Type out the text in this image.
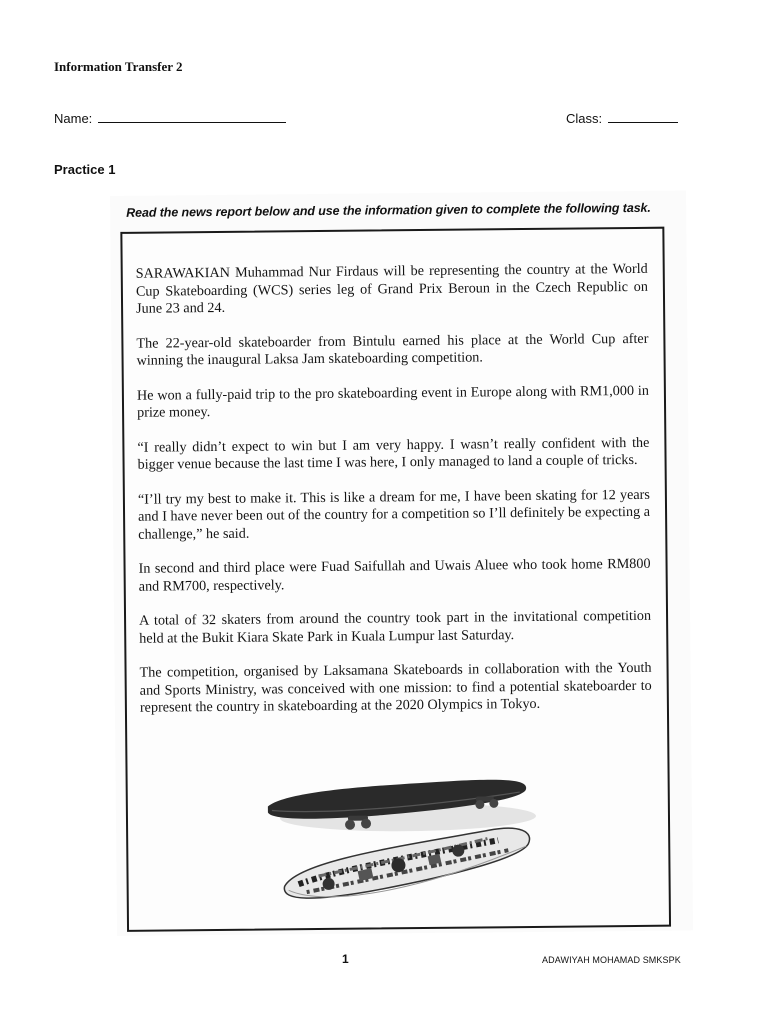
Information Transfer 2
Name:	Class:
Practice 1
Read the news report below and use the information given to complete the following task.

SARAWAKIAN Muhammad Nur Firdaus will be representing the country at the World Cup Skateboarding (WCS) series leg of Grand Prix Beroun in the Czech Republic on June 23 and 24.

The 22-year-old skateboarder from Bintulu earned his place at the World Cup after winning the inaugural Laksa Jam skateboarding competition.

He won a fully-paid trip to the pro skateboarding event in Europe along with RM1,000 in prize money.

“I really didn’t expect to win but I am very happy. I wasn’t really confident with the bigger venue because the last time I was here, I only managed to land a couple of tricks.

“I’ll try my best to make it. This is like a dream for me, I have been skating for 12 years and I have never been out of the country for a competition so I’ll definitely be expecting a challenge,” he said.

In second and third place were Fuad Saifullah and Uwais Aluee who took home RM800 and RM700, respectively.

A total of 32 skaters from around the country took part in the invitational competition held at the Bukit Kiara Skate Park in Kuala Lumpur last Saturday.

The competition, organised by Laksamana Skateboards in collaboration with the Youth and Sports Ministry, was conceived with one mission: to find a potential skateboarder to represent the country in skateboarding at the 2020 Olympics in Tokyo.

1	ADAWIYAH MOHAMAD SMKSPK
